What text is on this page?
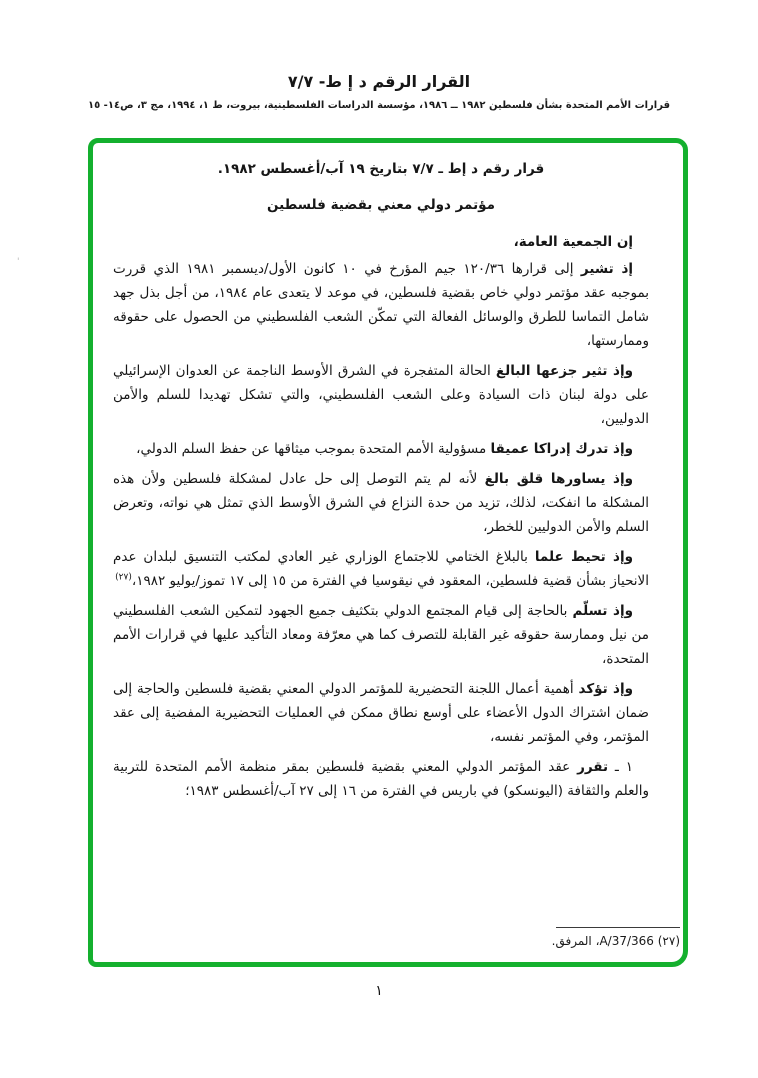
القرار الرقم د إ ط- ٧/٧
قرارات الأمم المتحدة بشأن فلسطين ١٩٨٢ ــ ١٩٨٦، مؤسسة الدراسات الفلسطينية، بيروت، ط ١، ١٩٩٤، مج ٣، ص١٤- ١٥
'
قرار رقم د إط ـ ٧/٧ بتاريخ ١٩ آب/أغسطس ١٩٨٢.
مؤتمر دولي معني بقضية فلسطين
إن الجمعية العامة،

إذ تشير إلى قرارها ١٢٠/٣٦ جيم المؤرخ في ١٠ كانون الأول/ديسمبر ١٩٨١ الذي قررت بموجبه عقد مؤتمر دولي خاص بقضية فلسطين، في موعد لا يتعدى عام ١٩٨٤، من أجل بذل جهد شامل التماسا للطرق والوسائل الفعالة التي تمكّن الشعب الفلسطيني من الحصول على حقوقه وممارستها،

وإذ تثير جزعها البالغ الحالة المتفجرة في الشرق الأوسط الناجمة عن العدوان الإسرائيلي على دولة لبنان ذات السيادة وعلى الشعب الفلسطيني، والتي تشكل تهديدا للسلم والأمن الدوليين،

وإذ تدرك إدراكا عميقا مسؤولية الأمم المتحدة بموجب ميثاقها عن حفظ السلم الدولي،

وإذ يساورها قلق بالغ لأنه لم يتم التوصل إلى حل عادل لمشكلة فلسطين ولأن هذه المشكلة ما انفكت، لذلك، تزيد من حدة النزاع في الشرق الأوسط الذي تمثل هي نواته، وتعرض السلم والأمن الدوليين للخطر،

وإذ تحيط علما بالبلاغ الختامي للاجتماع الوزاري غير العادي لمكتب التنسيق لبلدان عدم الانحياز بشأن قضية فلسطين، المعقود في نيقوسيا في الفترة من ١٥ إلى ١٧ تموز/يوليو ١٩٨٢،$^{(٢٧)}$

وإذ تسلّم بالحاجة إلى قيام المجتمع الدولي بتكثيف جميع الجهود لتمكين الشعب الفلسطيني من نيل وممارسة حقوقه غير القابلة للتصرف كما هي معرّفة ومعاد التأكيد عليها في قرارات الأمم المتحدة،

وإذ تؤكد أهمية أعمال اللجنة التحضيرية للمؤتمر الدولي المعني بقضية فلسطين والحاجة إلى ضمان اشتراك الدول الأعضاء على أوسع نطاق ممكن في العمليات التحضيرية المفضية إلى عقد المؤتمر، وفي المؤتمر نفسه،

١ ـ تقرر عقد المؤتمر الدولي المعني بقضية فلسطين بمقر منظمة الأمم المتحدة للتربية والعلم والثقافة (اليونسكو) في باريس في الفترة من ١٦ إلى ٢٧ آب/أغسطس ١٩٨٣؛

(٢٧) A/37/366، المرفق.
١
